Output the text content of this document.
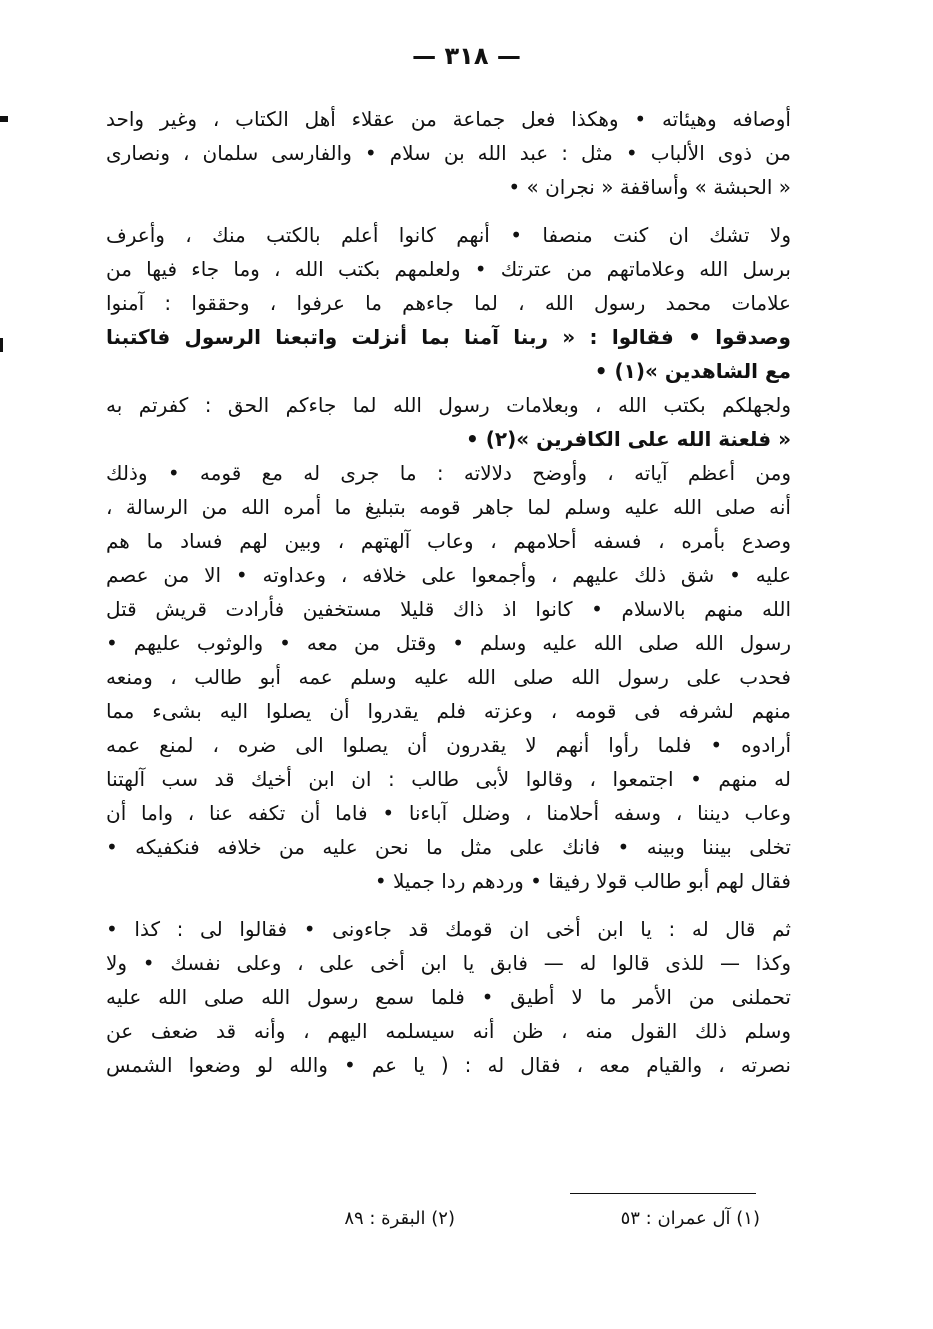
— ٣١٨ —
أوصافه وهيئاته • وهكذا فعل جماعة من عقلاء أهل الكتاب ، وغير واحد
من ذوى الألباب • مثل : عبد الله بن سلام • والفارسى سلمان ، ونصارى
« الحبشة » وأساقفة « نجران » •
ولا تشك ان كنت منصفا • أنهم كانوا أعلم بالكتب منك ، وأعرف
برسل الله وعلاماتهم من عترتك • ولعلمهم بكتب الله ، وما جاء فيها من
علامات محمد رسول الله ، لما جاءهم ما عرفوا ، وحققوا : آمنوا
وصدقوا • فقالوا : « ربنا آمنا بما أنزلت واتبعنا الرسول فاكتبنا
مع الشاهدين »(١) •
ولجهلكم بكتب الله ، وبعلامات رسول الله لما جاءكم الحق : كفرتم به
« فلعنة الله على الكافرين »(٢) •
ومن أعظم آياته ، وأوضح دلالاته : ما جرى له مع قومه • وذلك
أنه صلى الله عليه وسلم لما جاهر قومه بتبليغ ما أمره الله من الرسالة ،
وصدع بأمره ، فسفه أحلامهم ، وعاب آلهتهم ، وبين لهم فساد ما هم
عليه • شق ذلك عليهم ، وأجمعوا على خلافه ، وعداوته • الا من عصم
الله منهم بالاسلام • كانوا اذ ذاك قليلا مستخفين فأرادت قريش قتل
رسول الله صلى الله عليه وسلم • وقتل من معه • والوثوب عليهم •
فحدب على رسول الله صلى الله عليه وسلم عمه أبو طالب ، ومنعه
منهم لشرفه فى قومه ، وعزته فلم يقدروا أن يصلوا اليه بشىء مما
أرادوه • فلما رأوا أنهم لا يقدرون أن يصلوا الى ضره ، لمنع عمه
له منهم • اجتمعوا ، وقالوا لأبى طالب : ان ابن أخيك قد سب آلهتنا
وعاب ديننا ، وسفه أحلامنا ، وضلل آباءنا • فاما أن تكفه عنا ، واما أن
تخلى بيننا وبينه • فانك على مثل ما نحن عليه من خلافه فنكفيكه •
فقال لهم أبو طالب قولا رفيقا • وردهم ردا جميلا •
ثم قال له : يا ابن أخى ان قومك قد جاءونى • فقالوا لى : كذا •
وكذا — للذى قالوا له — فابق يا ابن أخى على ، وعلى نفسك • ولا
تحملنى من الأمر ما لا أطيق • فلما سمع رسول الله صلى الله عليه
وسلم ذلك القول منه ، ظن أنه سيسلمه اليهم ، وأنه قد ضعف عن
نصرته ، والقيام معه ، فقال له : ( يا عم • والله لو وضعوا الشمس
(١) آل عمران : ٥٣
(٢) البقرة : ٨٩
